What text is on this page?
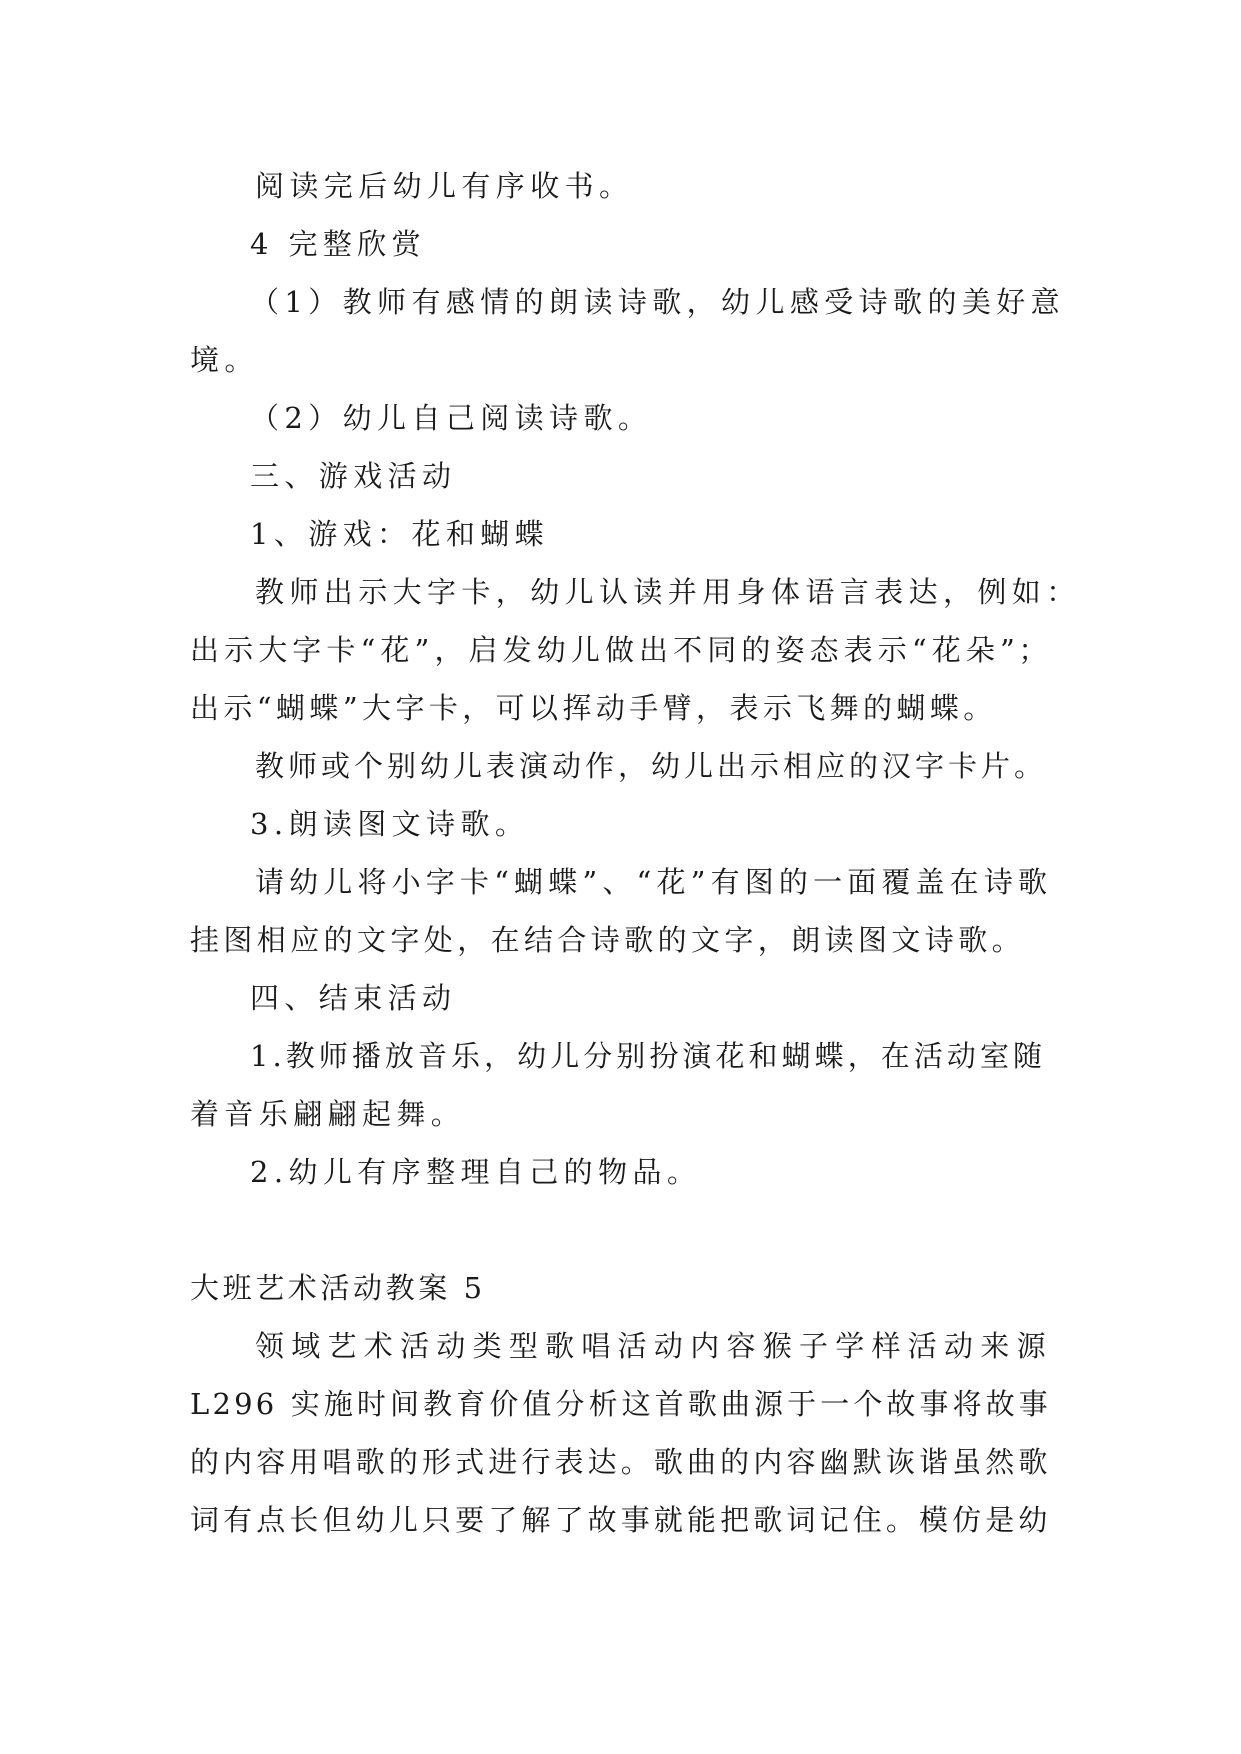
阅读完后幼儿有序收书。
4 完整欣赏
（1）教师有感情的朗读诗歌，幼儿感受诗歌的美好意
境。
（2）幼儿自己阅读诗歌。
三、游戏活动
1、游戏：花和蝴蝶
教师出示大字卡，幼儿认读并用身体语言表达，例如：
出示大字卡“花”，启发幼儿做出不同的姿态表示“花朵”；
出示“蝴蝶”大字卡，可以挥动手臂，表示飞舞的蝴蝶。
教师或个别幼儿表演动作，幼儿出示相应的汉字卡片。
3.朗读图文诗歌。
请幼儿将小字卡“蝴蝶”、“花”有图的一面覆盖在诗歌
挂图相应的文字处，在结合诗歌的文字，朗读图文诗歌。
四、结束活动
1.教师播放音乐，幼儿分别扮演花和蝴蝶，在活动室随
着音乐翩翩起舞。
2.幼儿有序整理自己的物品。
大班艺术活动教案 5
领域艺术活动类型歌唱活动内容猴子学样活动来源
L296 实施时间教育价值分析这首歌曲源于一个故事将故事
的内容用唱歌的形式进行表达。歌曲的内容幽默诙谐虽然歌
词有点长但幼儿只要了解了故事就能把歌词记住。模仿是幼
